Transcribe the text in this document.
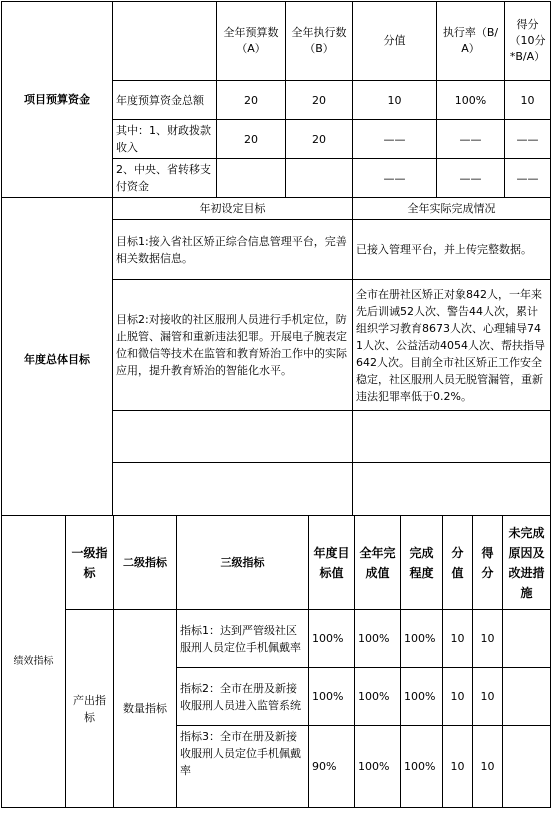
项目预算资金		全年预算数（A）	全年执行数（B）	分值	执行率（B/A）	得分（10分*B/A）
	年度预算资金总额	20	20	10	100%	10
	其中：1、财政拨款收入	20	20	——	——	——
	2、中央、省转移支付资金			——	——	——
年度总体目标	年初设定目标			全年实际完成情况		
	目标1:接入省社区矫正综合信息管理平台，完善相关数据信息。			已接入管理平台，并上传完整数据。		
	目标2:对接收的社区服刑人员进行手机定位，防止脱管、漏管和重新违法犯罪。开展电子腕表定位和微信等技术在监管和教育矫治工作中的实际应用，提升教育矫治的智能化水平。			全市在册社区矫正对象842人，一年来先后训诫52人次、警告44人次，累计组织学习教育8673人次、心理辅导741人次、公益活动4054人次、帮扶指导642人次。目前全市社区矫正工作安全稳定，社区服刑人员无脱管漏管，重新违法犯罪率低于0.2%。		

绩效指标	一级指标	二级指标	三级指标	年度目标值	全年完成值	完成程度	分值	得分	未完成原因及改进措施
	产出指标	数量指标	指标1：达到严管级社区服刑人员定位手机佩戴率	100%	100%	100%	10	10	
			指标2：全市在册及新接收服刑人员进入监管系统	100%	100%	100%	10	10	
			指标3：全市在册及新接收服刑人员定位手机佩戴率	90%	100%	100%	10	10	
